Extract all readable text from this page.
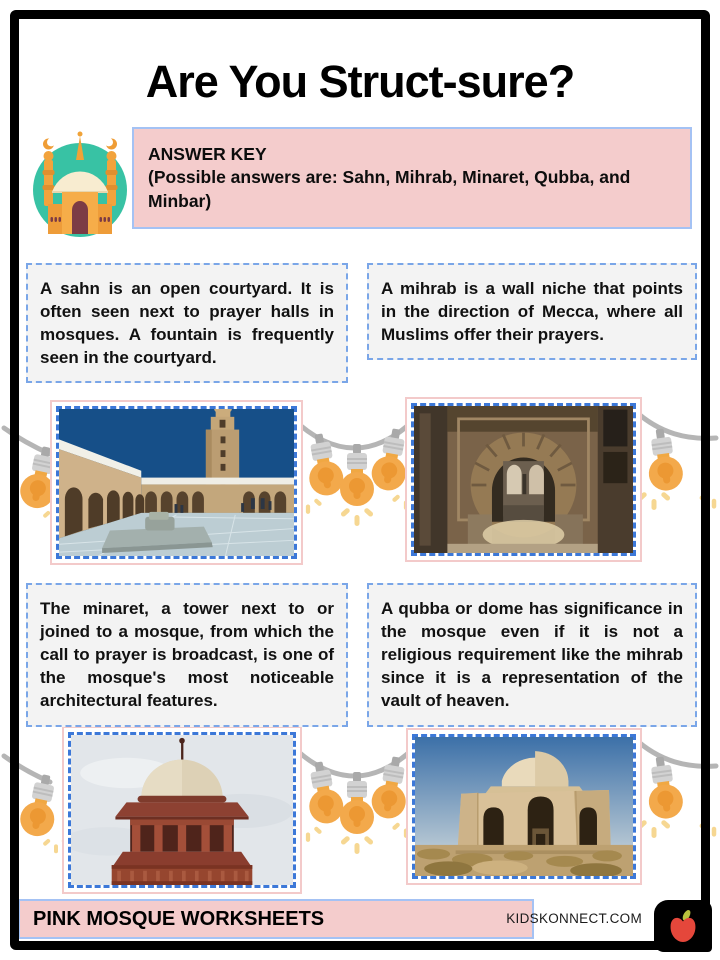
Are You Struct-sure?
ANSWER KEY
(Possible answers are: Sahn, Mihrab, Minaret, Qubba, and Minbar)
A sahn is an open courtyard. It is often seen next to prayer halls in mosques. A fountain is frequently seen in the courtyard.
A mihrab is a wall niche that points in the direction of Mecca, where all Muslims offer their prayers.
The minaret, a tower next to or joined to a mosque, from which the call to prayer is broadcast, is one of the mosque's most noticeable architectural features.
A qubba or dome has significance in the mosque even if it is not a religious requirement like the mihrab since it is a representation of the vault of heaven.
PINK MOSQUE WORKSHEETS	KIDSKONNECT.COM
